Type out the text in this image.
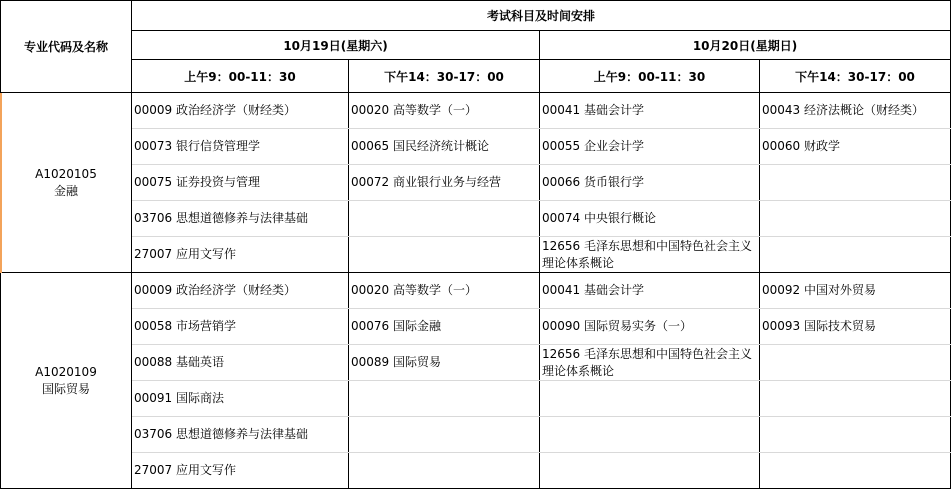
专业代码及名称	考试科目及时间安排			
	10月19日(星期六)		10月20日(星期日)	
	上午9：00-11：30	下午14：30-17：00	上午9：00-11：30	下午14：30-17：00

A1020105
金融	00009 政治经济学（财经类）	00020 高等数学（一）	00041 基础会计学	00043 经济法概论（财经类）
	00073 银行信贷管理学	00065 国民经济统计概论	00055 企业会计学	00060 财政学
	00075 证券投资与管理	00072 商业银行业务与经营	00066 货币银行学	
	03706 思想道德修养与法律基础		00074 中央银行概论	
	27007 应用文写作		12656 毛泽东思想和中国特色社会主义理论体系概论	

A1020109
国际贸易	00009 政治经济学（财经类）	00020 高等数学（一）	00041 基础会计学	00092 中国对外贸易
	00058 市场营销学	00076 国际金融	00090 国际贸易实务（一）	00093 国际技术贸易
	00088 基础英语	00089 国际贸易	12656 毛泽东思想和中国特色社会主义理论体系概论	
	00091 国际商法			
	03706 思想道德修养与法律基础			
	27007 应用文写作			
